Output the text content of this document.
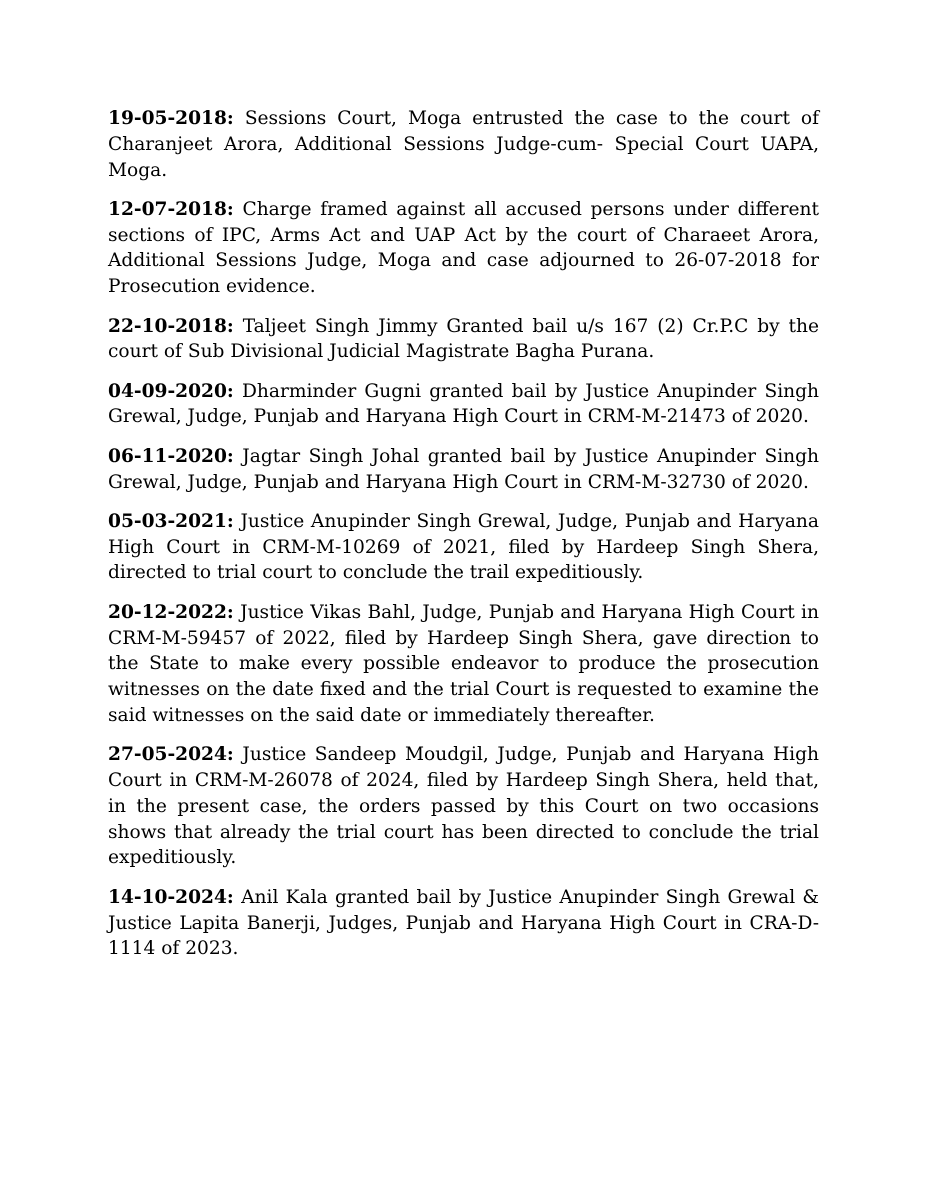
19-05-2018: Sessions Court, Moga entrusted the case to the court of Charanjeet Arora, Additional Sessions Judge-cum- Special Court UAPA, Moga.

12-07-2018: Charge framed against all accused persons under different sections of IPC, Arms Act and UAP Act by the court of Charaeet Arora, Additional Sessions Judge, Moga and case adjourned to 26-07-2018 for Prosecution evidence.

22-10-2018: Taljeet Singh Jimmy Granted bail u/s 167 (2) Cr.P.C by the court of Sub Divisional Judicial Magistrate Bagha Purana.

04-09-2020: Dharminder Gugni granted bail by Justice Anupinder Singh Grewal, Judge, Punjab and Haryana High Court in CRM-M-21473 of 2020.

06-11-2020: Jagtar Singh Johal granted bail by Justice Anupinder Singh Grewal, Judge, Punjab and Haryana High Court in CRM-M-32730 of 2020.

05-03-2021: Justice Anupinder Singh Grewal, Judge, Punjab and Haryana High Court in CRM-M-10269 of 2021, filed by Hardeep Singh Shera, directed to trial court to conclude the trail expeditiously.

20-12-2022: Justice Vikas Bahl, Judge, Punjab and Haryana High Court in CRM-M-59457 of 2022, filed by Hardeep Singh Shera, gave direction to the State to make every possible endeavor to produce the prosecution witnesses on the date fixed and the trial Court is requested to examine the said witnesses on the said date or immediately thereafter.

27-05-2024: Justice Sandeep Moudgil, Judge, Punjab and Haryana High Court in CRM-M-26078 of 2024, filed by Hardeep Singh Shera, held that, in the present case, the orders passed by this Court on two occasions shows that already the trial court has been directed to conclude the trial expeditiously.

14-10-2024: Anil Kala granted bail by Justice Anupinder Singh Grewal & Justice Lapita Banerji, Judges, Punjab and Haryana High Court in CRA-D-1114 of 2023.
